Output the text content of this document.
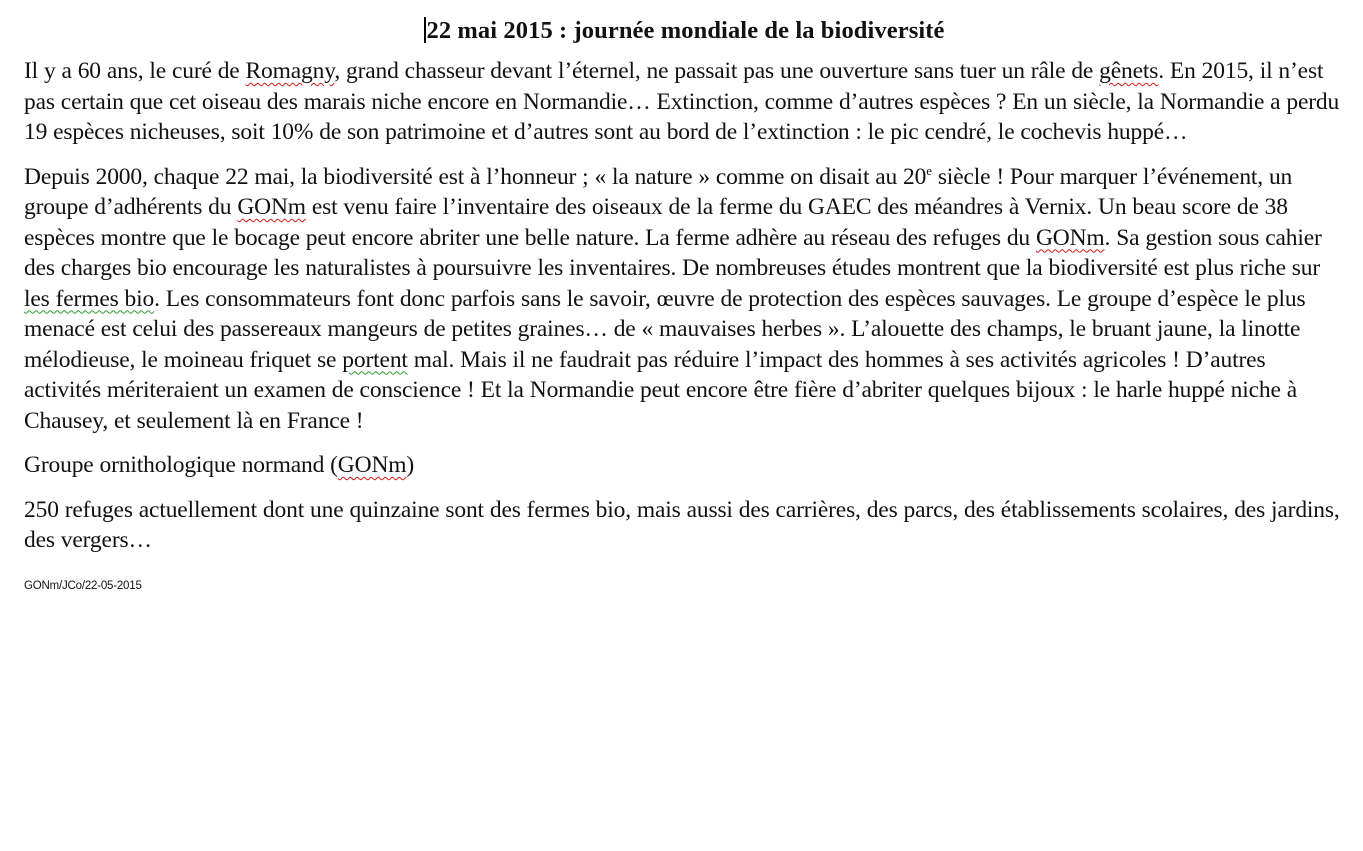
22 mai 2015 : journée mondiale de la biodiversité

Il y a 60 ans, le curé de Romagny, grand chasseur devant l’éternel, ne passait pas une ouverture sans tuer un râle de gênets. En 2015, il n’est pas certain que cet oiseau des marais niche encore en Normandie… Extinction, comme d’autres espèces ? En un siècle, la Normandie a perdu 19 espèces nicheuses, soit 10% de son patrimoine et d’autres sont au bord de l’extinction : le pic cendré, le cochevis huppé…

Depuis 2000, chaque 22 mai, la biodiversité est à l’honneur ; « la nature » comme on disait au 20e siècle ! Pour marquer l’événement, un groupe d’adhérents du GONm est venu faire l’inventaire des oiseaux de la ferme du GAEC des méandres à Vernix. Un beau score de 38 espèces montre que le bocage peut encore abriter une belle nature. La ferme adhère au réseau des refuges du GONm. Sa gestion sous cahier des charges bio encourage les naturalistes à poursuivre les inventaires. De nombreuses études montrent que la biodiversité est plus riche sur les fermes bio. Les consommateurs font donc parfois sans le savoir, œuvre de protection des espèces sauvages. Le groupe d’espèce le plus menacé est celui des passereaux mangeurs de petites graines… de « mauvaises herbes ». L’alouette des champs, le bruant jaune, la linotte mélodieuse, le moineau friquet se portent mal. Mais il ne faudrait pas réduire l’impact des hommes à ses activités agricoles ! D’autres activités mériteraient un examen de conscience ! Et la Normandie peut encore être fière d’abriter quelques bijoux : le harle huppé niche à Chausey, et seulement là en France !

Groupe ornithologique normand (GONm)

250 refuges actuellement dont une quinzaine sont des fermes bio, mais aussi des carrières, des parcs, des établissements scolaires, des jardins, des vergers…

GONm/JCo/22-05-2015
